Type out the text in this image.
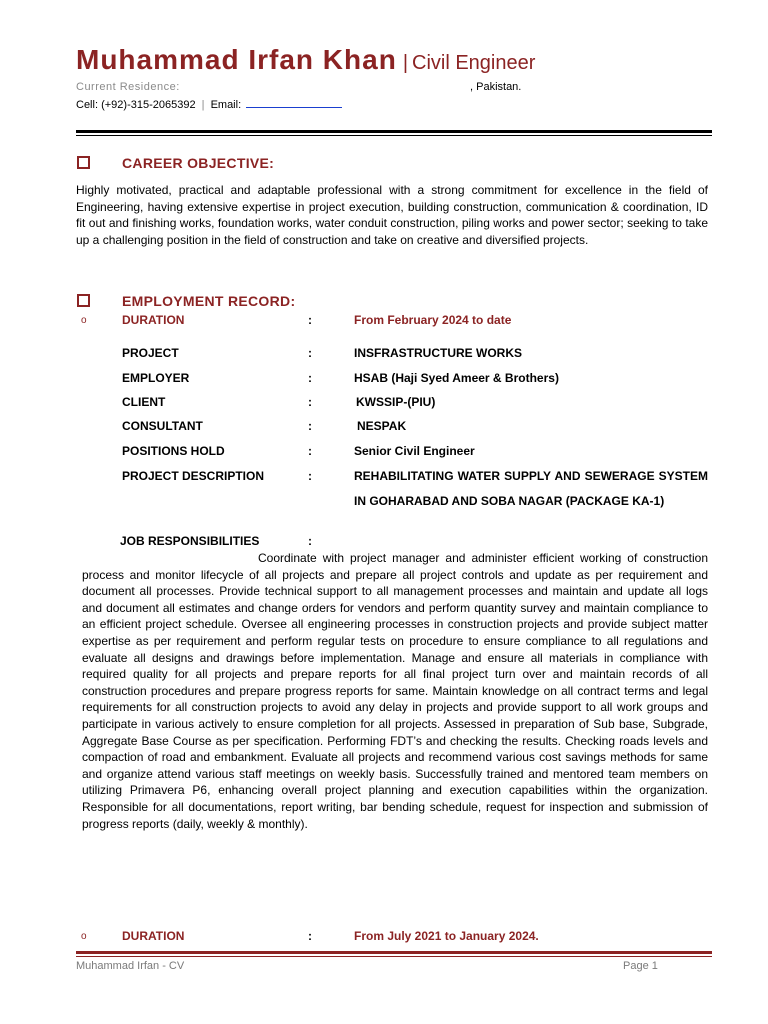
Muhammad Irfan Khan | Civil Engineer
Current Residence:	, Pakistan.
Cell: (+92)-315-2065392 | Email:
CAREER OBJECTIVE:
Highly motivated, practical and adaptable professional with a strong commitment for excellence in the field of Engineering, having extensive expertise in project execution, building construction, communication & coordination, ID fit out and finishing works, foundation works, water conduit construction, piling works and power sector; seeking to take up a challenging position in the field of construction and take on creative and diversified projects.
EMPLOYMENT RECORD:
o	DURATION	:	From February 2024 to date
PROJECT	:	INSFRASTRUCTURE WORKS
EMPLOYER	:	HSAB (Haji Syed Ameer & Brothers)
CLIENT	:	KWSSIP-(PIU)
CONSULTANT	:	NESPAK
POSITIONS HOLD	:	Senior Civil Engineer
PROJECT DESCRIPTION	:	REHABILITATING WATER SUPPLY AND SEWERAGE SYSTEM IN GOHARABAD AND SOBA NAGAR (PACKAGE KA-1)
JOB RESPONSIBILITIES	:
Coordinate with project manager and administer efficient working of construction process and monitor lifecycle of all projects and prepare all project controls and update as per requirement and document all processes. Provide technical support to all management processes and maintain and update all logs and document all estimates and change orders for vendors and perform quantity survey and maintain compliance to an efficient project schedule. Oversee all engineering processes in construction projects and provide subject matter expertise as per requirement and perform regular tests on procedure to ensure compliance to all regulations and evaluate all designs and drawings before implementation. Manage and ensure all materials in compliance with required quality for all projects and prepare reports for all final project turn over and maintain records of all construction procedures and prepare progress reports for same. Maintain knowledge on all contract terms and legal requirements for all construction projects to avoid any delay in projects and provide support to all work groups and participate in various actively to ensure completion for all projects. Assessed in preparation of Sub base, Subgrade, Aggregate Base Course as per specification. Performing FDT’s and checking the results. Checking roads levels and compaction of road and embankment. Evaluate all projects and recommend various cost savings methods for same and organize attend various staff meetings on weekly basis. Successfully trained and mentored team members on utilizing Primavera P6, enhancing overall project planning and execution capabilities within the organization. Responsible for all documentations, report writing, bar bending schedule, request for inspection and submission of progress reports (daily, weekly & monthly).
o	DURATION	:	From July 2021 to January 2024.
Muhammad Irfan - CV	Page 1
